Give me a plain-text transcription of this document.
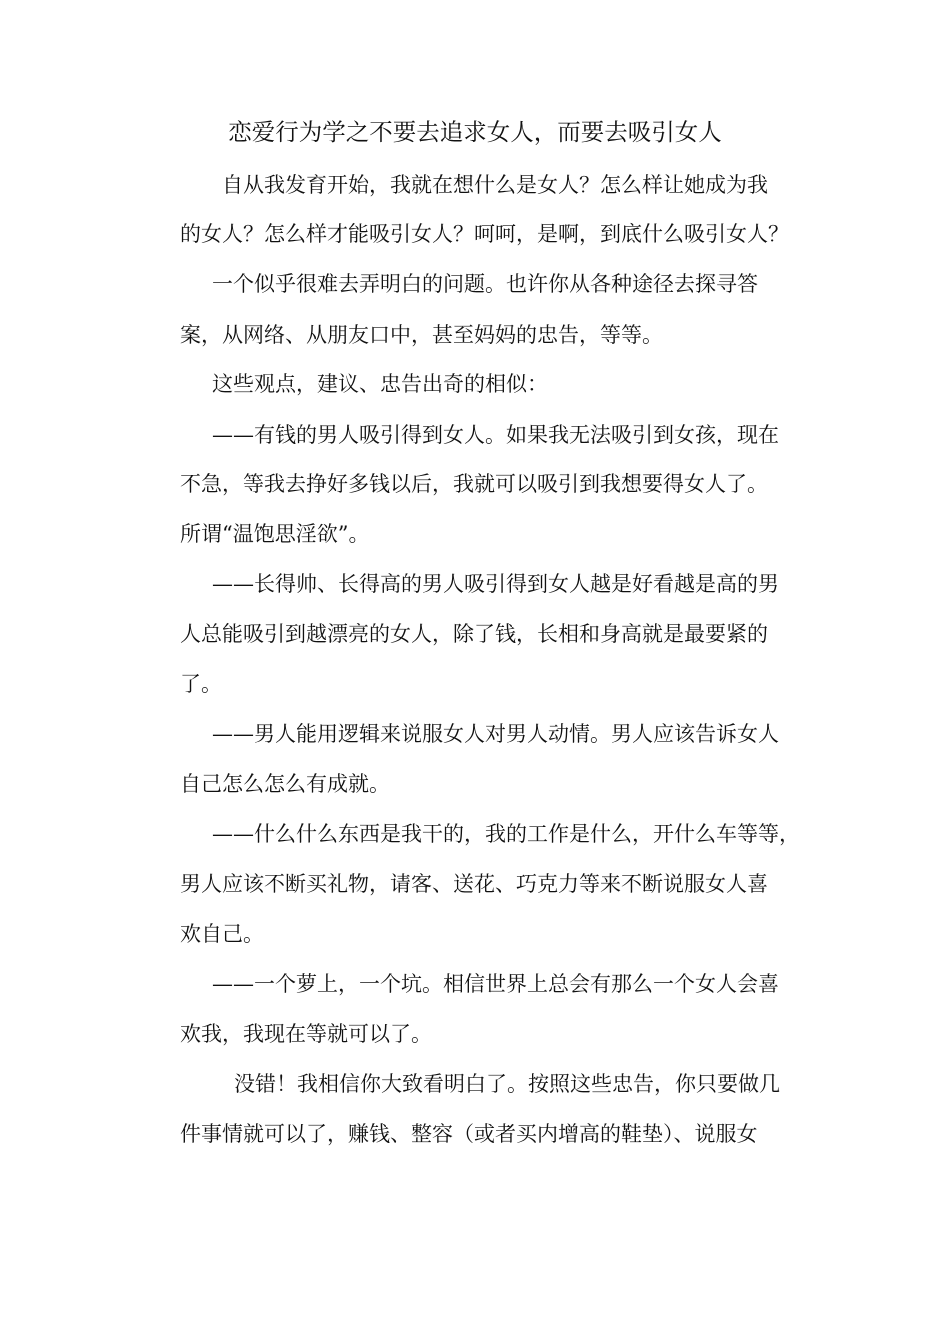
恋爱行为学之不要去追求女人，而要去吸引女人
自从我发育开始，我就在想什么是女人？怎么样让她成为我
的女人？怎么样才能吸引女人？呵呵，是啊，到底什么吸引女人？
一个似乎很难去弄明白的问题。也许你从各种途径去探寻答
案，从网络、从朋友口中，甚至妈妈的忠告，等等。
这些观点，建议、忠告出奇的相似：
——有钱的男人吸引得到女人。如果我无法吸引到女孩，现在
不急，等我去挣好多钱以后，我就可以吸引到我想要得女人了。
所谓“温饱思淫欲”。
——长得帅、长得高的男人吸引得到女人越是好看越是高的男
人总能吸引到越漂亮的女人，除了钱，长相和身高就是最要紧的
了。
——男人能用逻辑来说服女人对男人动情。男人应该告诉女人
自己怎么怎么有成就。
——什么什么东西是我干的，我的工作是什么，开什么车等等，
男人应该不断买礼物，请客、送花、巧克力等来不断说服女人喜
欢自己。
——一个萝上，一个坑。相信世界上总会有那么一个女人会喜
欢我，我现在等就可以了。
没错！我相信你大致看明白了。按照这些忠告，你只要做几
件事情就可以了，赚钱、整容（或者买内增高的鞋垫）、说服女
